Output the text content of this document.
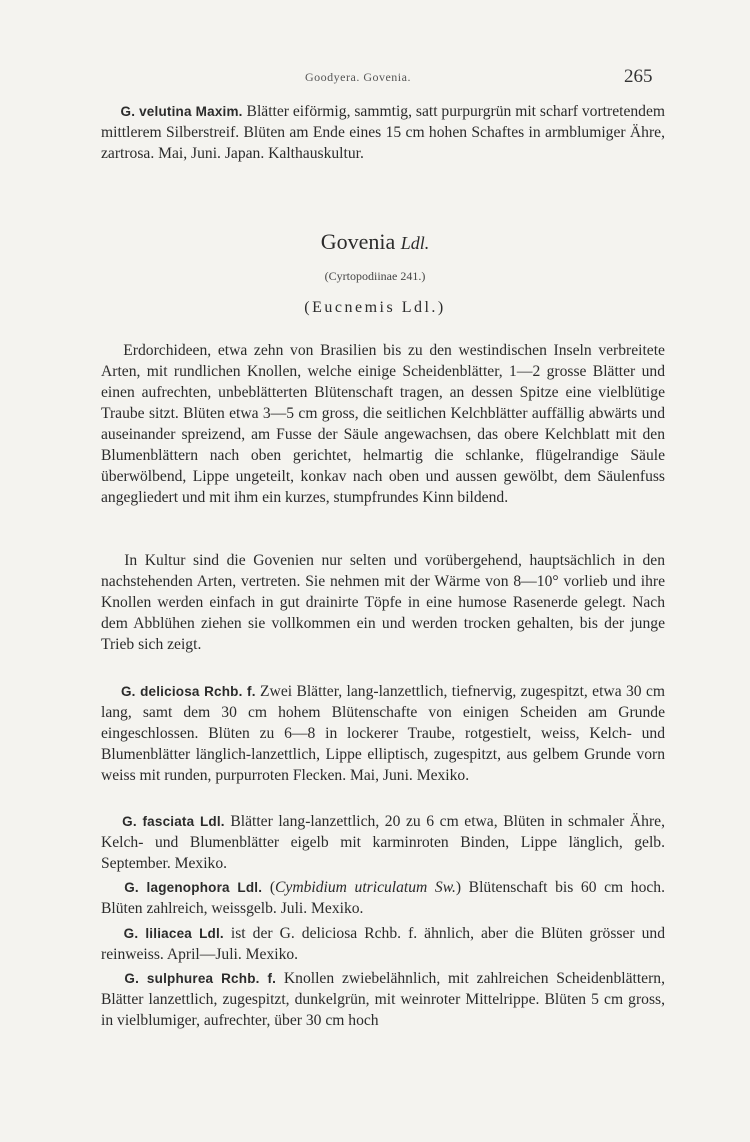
Goodyera. Govenia.	265
  G. velutina Maxim. Blätter eiförmig, sammtig, satt purpurgrün mit scharf vortretendem mittlerem Silberstreif. Blüten am Ende eines 15 cm hohen Schaftes in armblumiger Ähre, zartrosa. Mai, Juni. Japan. Kalthauskultur.
Govenia Ldl.
(Cyrtopodiinae 241.)
(Eucnemis Ldl.)
  Erdorchideen, etwa zehn von Brasilien bis zu den westindischen Inseln verbreitete Arten, mit rundlichen Knollen, welche einige Scheidenblätter, 1—2 grosse Blätter und einen aufrechten, unbeblätterten Blütenschaft tragen, an dessen Spitze eine vielblütige Traube sitzt. Blüten etwa 3—5 cm gross, die seitlichen Kelchblätter auffällig abwärts und auseinander spreizend, am Fusse der Säule angewachsen, das obere Kelchblatt mit den Blumenblättern nach oben gerichtet, helmartig die schlanke, flügelrandige Säule überwölbend, Lippe ungeteilt, konkav nach oben und aussen gewölbt, dem Säulenfuss angegliedert und mit ihm ein kurzes, stumpfrundes Kinn bildend.
  In Kultur sind die Govenien nur selten und vorübergehend, hauptsächlich in den nachstehenden Arten, vertreten. Sie nehmen mit der Wärme von 8—10° vorlieb und ihre Knollen werden einfach in gut drainirte Töpfe in eine humose Rasenerde gelegt. Nach dem Abblühen ziehen sie vollkommen ein und werden trocken gehalten, bis der junge Trieb sich zeigt.
  G. deliciosa Rchb. f. Zwei Blätter, lang-lanzettlich, tiefnervig, zugespitzt, etwa 30 cm lang, samt dem 30 cm hohem Blütenschafte von einigen Scheiden am Grunde eingeschlossen. Blüten zu 6—8 in lockerer Traube, rotgestielt, weiss, Kelch- und Blumenblätter länglich-lanzettlich, Lippe elliptisch, zugespitzt, aus gelbem Grunde vorn weiss mit runden, purpurroten Flecken. Mai, Juni. Mexiko.
  G. fasciata Ldl. Blätter lang-lanzettlich, 20 zu 6 cm etwa, Blüten in schmaler Ähre, Kelch- und Blumenblätter eigelb mit karminroten Binden, Lippe länglich, gelb. September. Mexiko.
  G. lagenophora Ldl. (Cymbidium utriculatum Sw.) Blütenschaft bis 60 cm hoch. Blüten zahlreich, weissgelb. Juli. Mexiko.
  G. liliacea Ldl. ist der G. deliciosa Rchb. f. ähnlich, aber die Blüten grösser und reinweiss. April—Juli. Mexiko.
  G. sulphurea Rchb. f. Knollen zwiebelähnlich, mit zahlreichen Scheidenblättern, Blätter lanzettlich, zugespitzt, dunkelgrün, mit weinroter Mittelrippe. Blüten 5 cm gross, in vielblumiger, aufrechter, über 30 cm hoch
